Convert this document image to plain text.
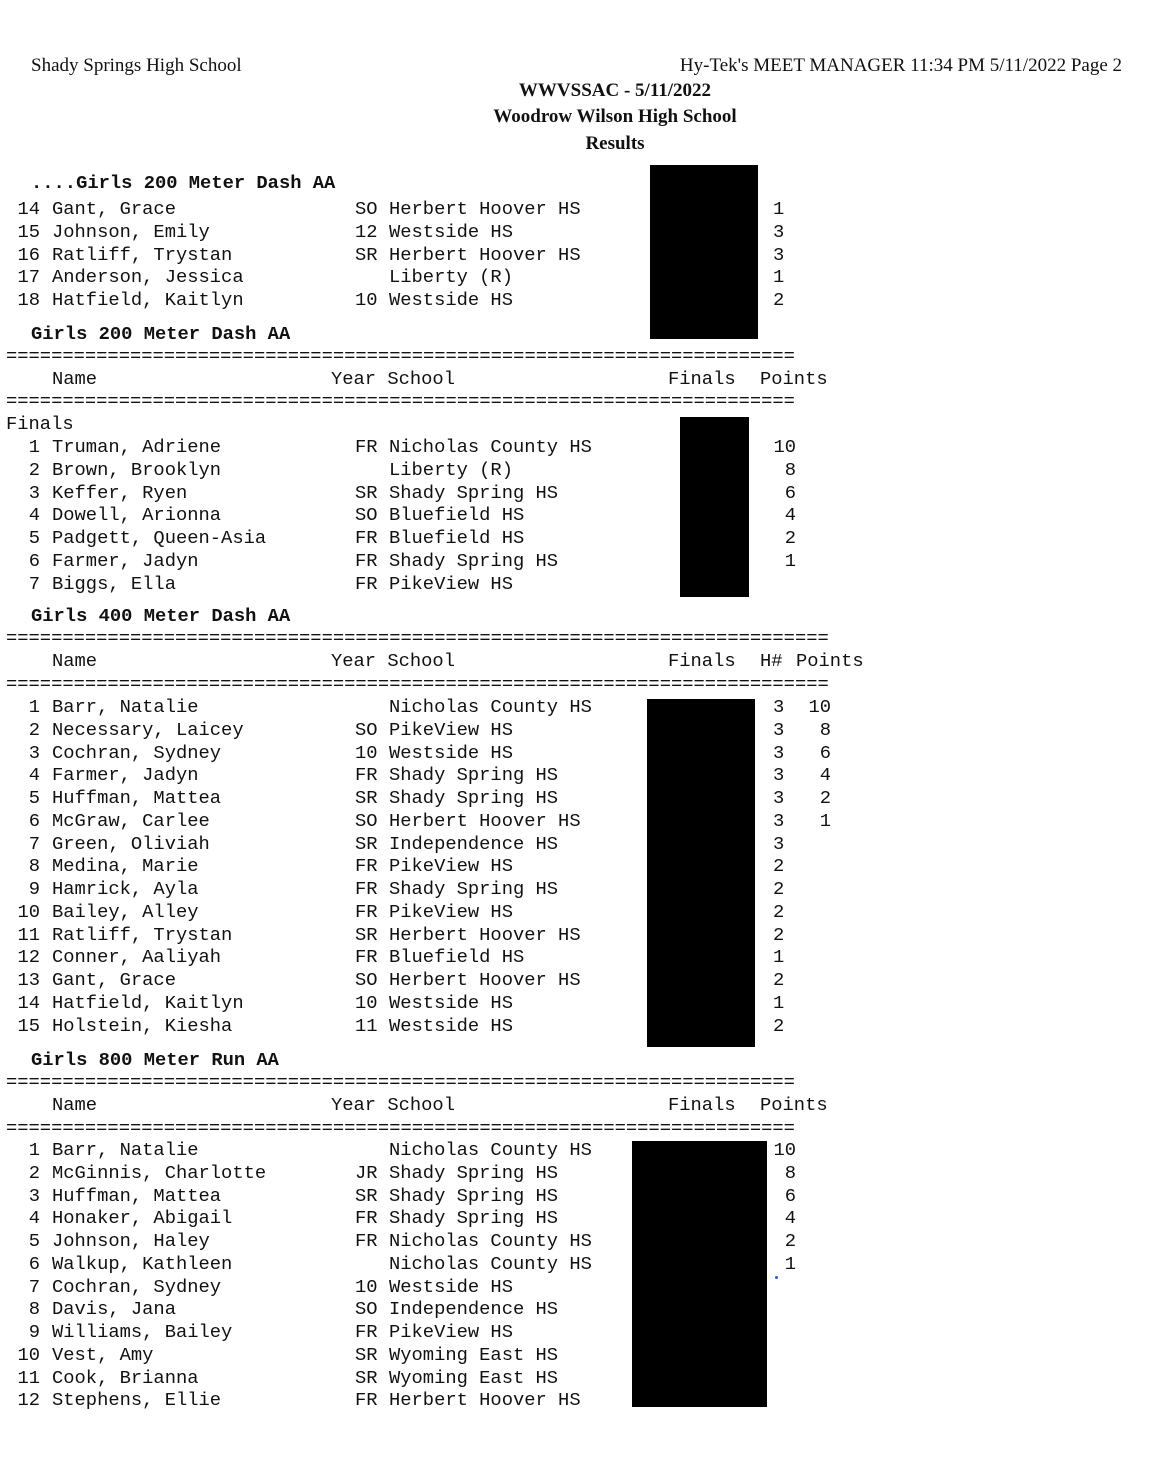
Shady Springs High School	Hy-Tek's MEET MANAGER 11:34 PM 5/11/2022 Page 2
WWVSSAC - 5/11/2022
Woodrow Wilson High School
Results
....Girls 200 Meter Dash AA
14 Gant, Grace	SO Herbert Hoover HS	1
15 Johnson, Emily	12 Westside HS	3
16 Ratliff, Trystan	SR Herbert Hoover HS	3
17 Anderson, Jessica	Liberty (R)	1
18 Hatfield, Kaitlyn	10 Westside HS	2
Girls 200 Meter Dash AA
======================================================================
Name	Year School	Finals Points
======================================================================
Finals
1 Truman, Adriene	FR Nicholas County HS	10
2 Brown, Brooklyn	Liberty (R)	8
3 Keffer, Ryen	SR Shady Spring HS	6
4 Dowell, Arionna	SO Bluefield HS	4
5 Padgett, Queen-Asia	FR Bluefield HS	2
6 Farmer, Jadyn	FR Shady Spring HS	1
7 Biggs, Ella	FR PikeView HS
Girls 400 Meter Dash AA
=========================================================================
Name	Year School	Finals H# Points
=========================================================================
1 Barr, Natalie	Nicholas County HS	3	10
2 Necessary, Laicey	SO PikeView HS	3	8
3 Cochran, Sydney	10 Westside HS	3	6
4 Farmer, Jadyn	FR Shady Spring HS	3	4
5 Huffman, Mattea	SR Shady Spring HS	3	2
6 McGraw, Carlee	SO Herbert Hoover HS	3	1
7 Green, Oliviah	SR Independence HS	3
8 Medina, Marie	FR PikeView HS	2
9 Hamrick, Ayla	FR Shady Spring HS	2
10 Bailey, Alley	FR PikeView HS	2
11 Ratliff, Trystan	SR Herbert Hoover HS	2
12 Conner, Aaliyah	FR Bluefield HS	1
13 Gant, Grace	SO Herbert Hoover HS	2
14 Hatfield, Kaitlyn	10 Westside HS	1
15 Holstein, Kiesha	11 Westside HS	2
Girls 800 Meter Run AA
======================================================================
Name	Year School	Finals Points
======================================================================
1 Barr, Natalie	Nicholas County HS	10
2 McGinnis, Charlotte	JR Shady Spring HS	8
3 Huffman, Mattea	SR Shady Spring HS	6
4 Honaker, Abigail	FR Shady Spring HS	4
5 Johnson, Haley	FR Nicholas County HS	2
6 Walkup, Kathleen	Nicholas County HS	1
7 Cochran, Sydney	10 Westside HS
8 Davis, Jana	SO Independence HS
9 Williams, Bailey	FR PikeView HS
10 Vest, Amy	SR Wyoming East HS
11 Cook, Brianna	SR Wyoming East HS
12 Stephens, Ellie	FR Herbert Hoover HS
